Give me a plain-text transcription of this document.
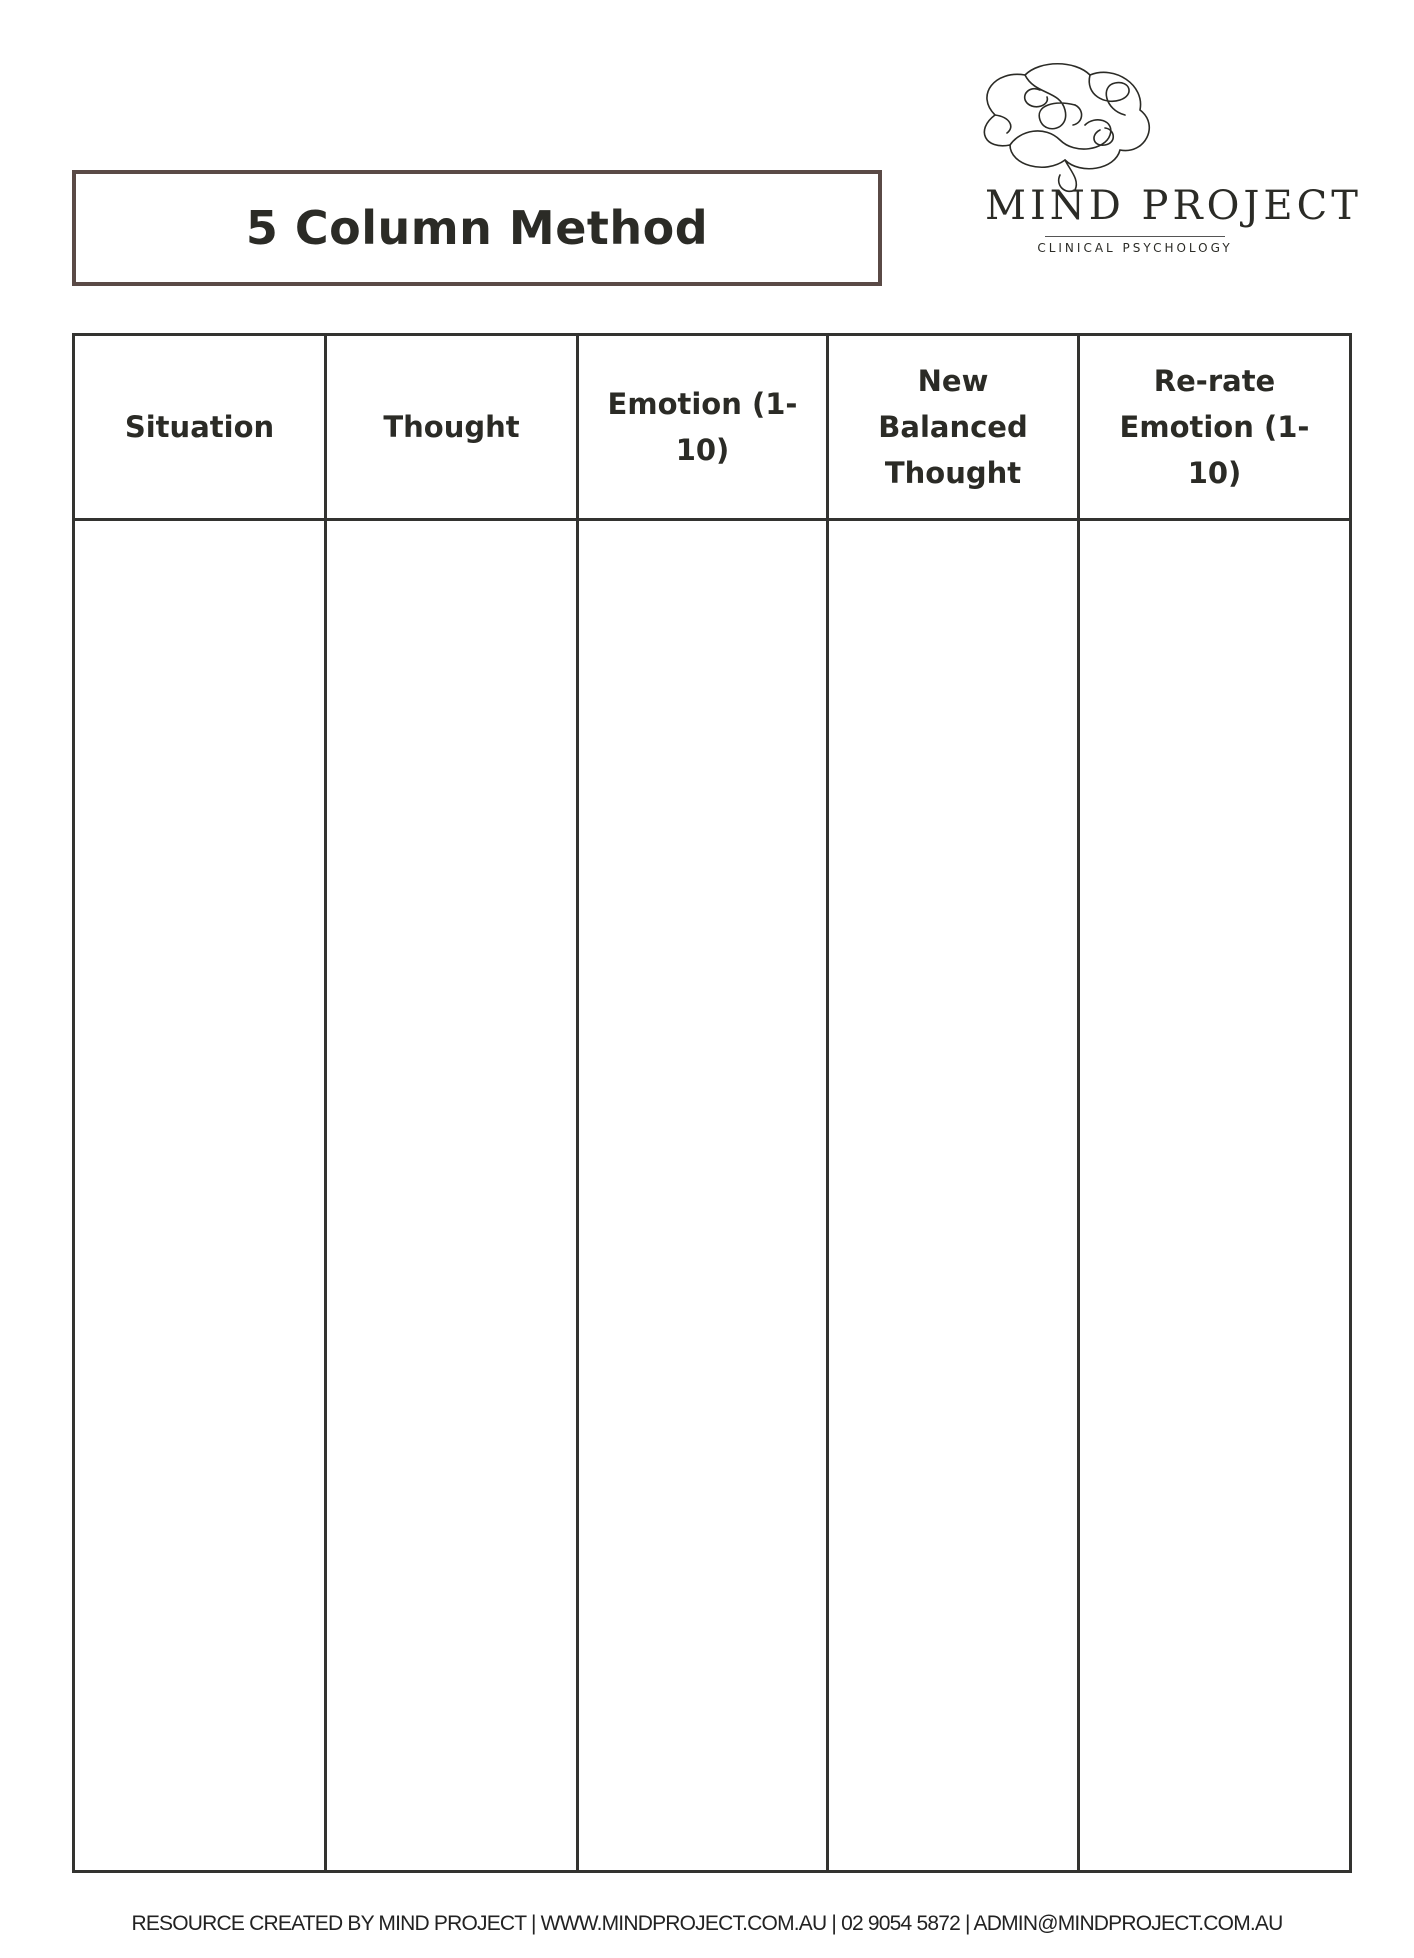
5 Column Method	MIND PROJECT
CLINICAL PSYCHOLOGY
Situation	Thought
Emotion (1-10)
New Balanced Thought
Re-rate Emotion (1-10)
RESOURCE CREATED BY MIND PROJECT | WWW.MINDPROJECT.COM.AU | 02 9054 5872 | ADMIN@MINDPROJECT.COM.AU
